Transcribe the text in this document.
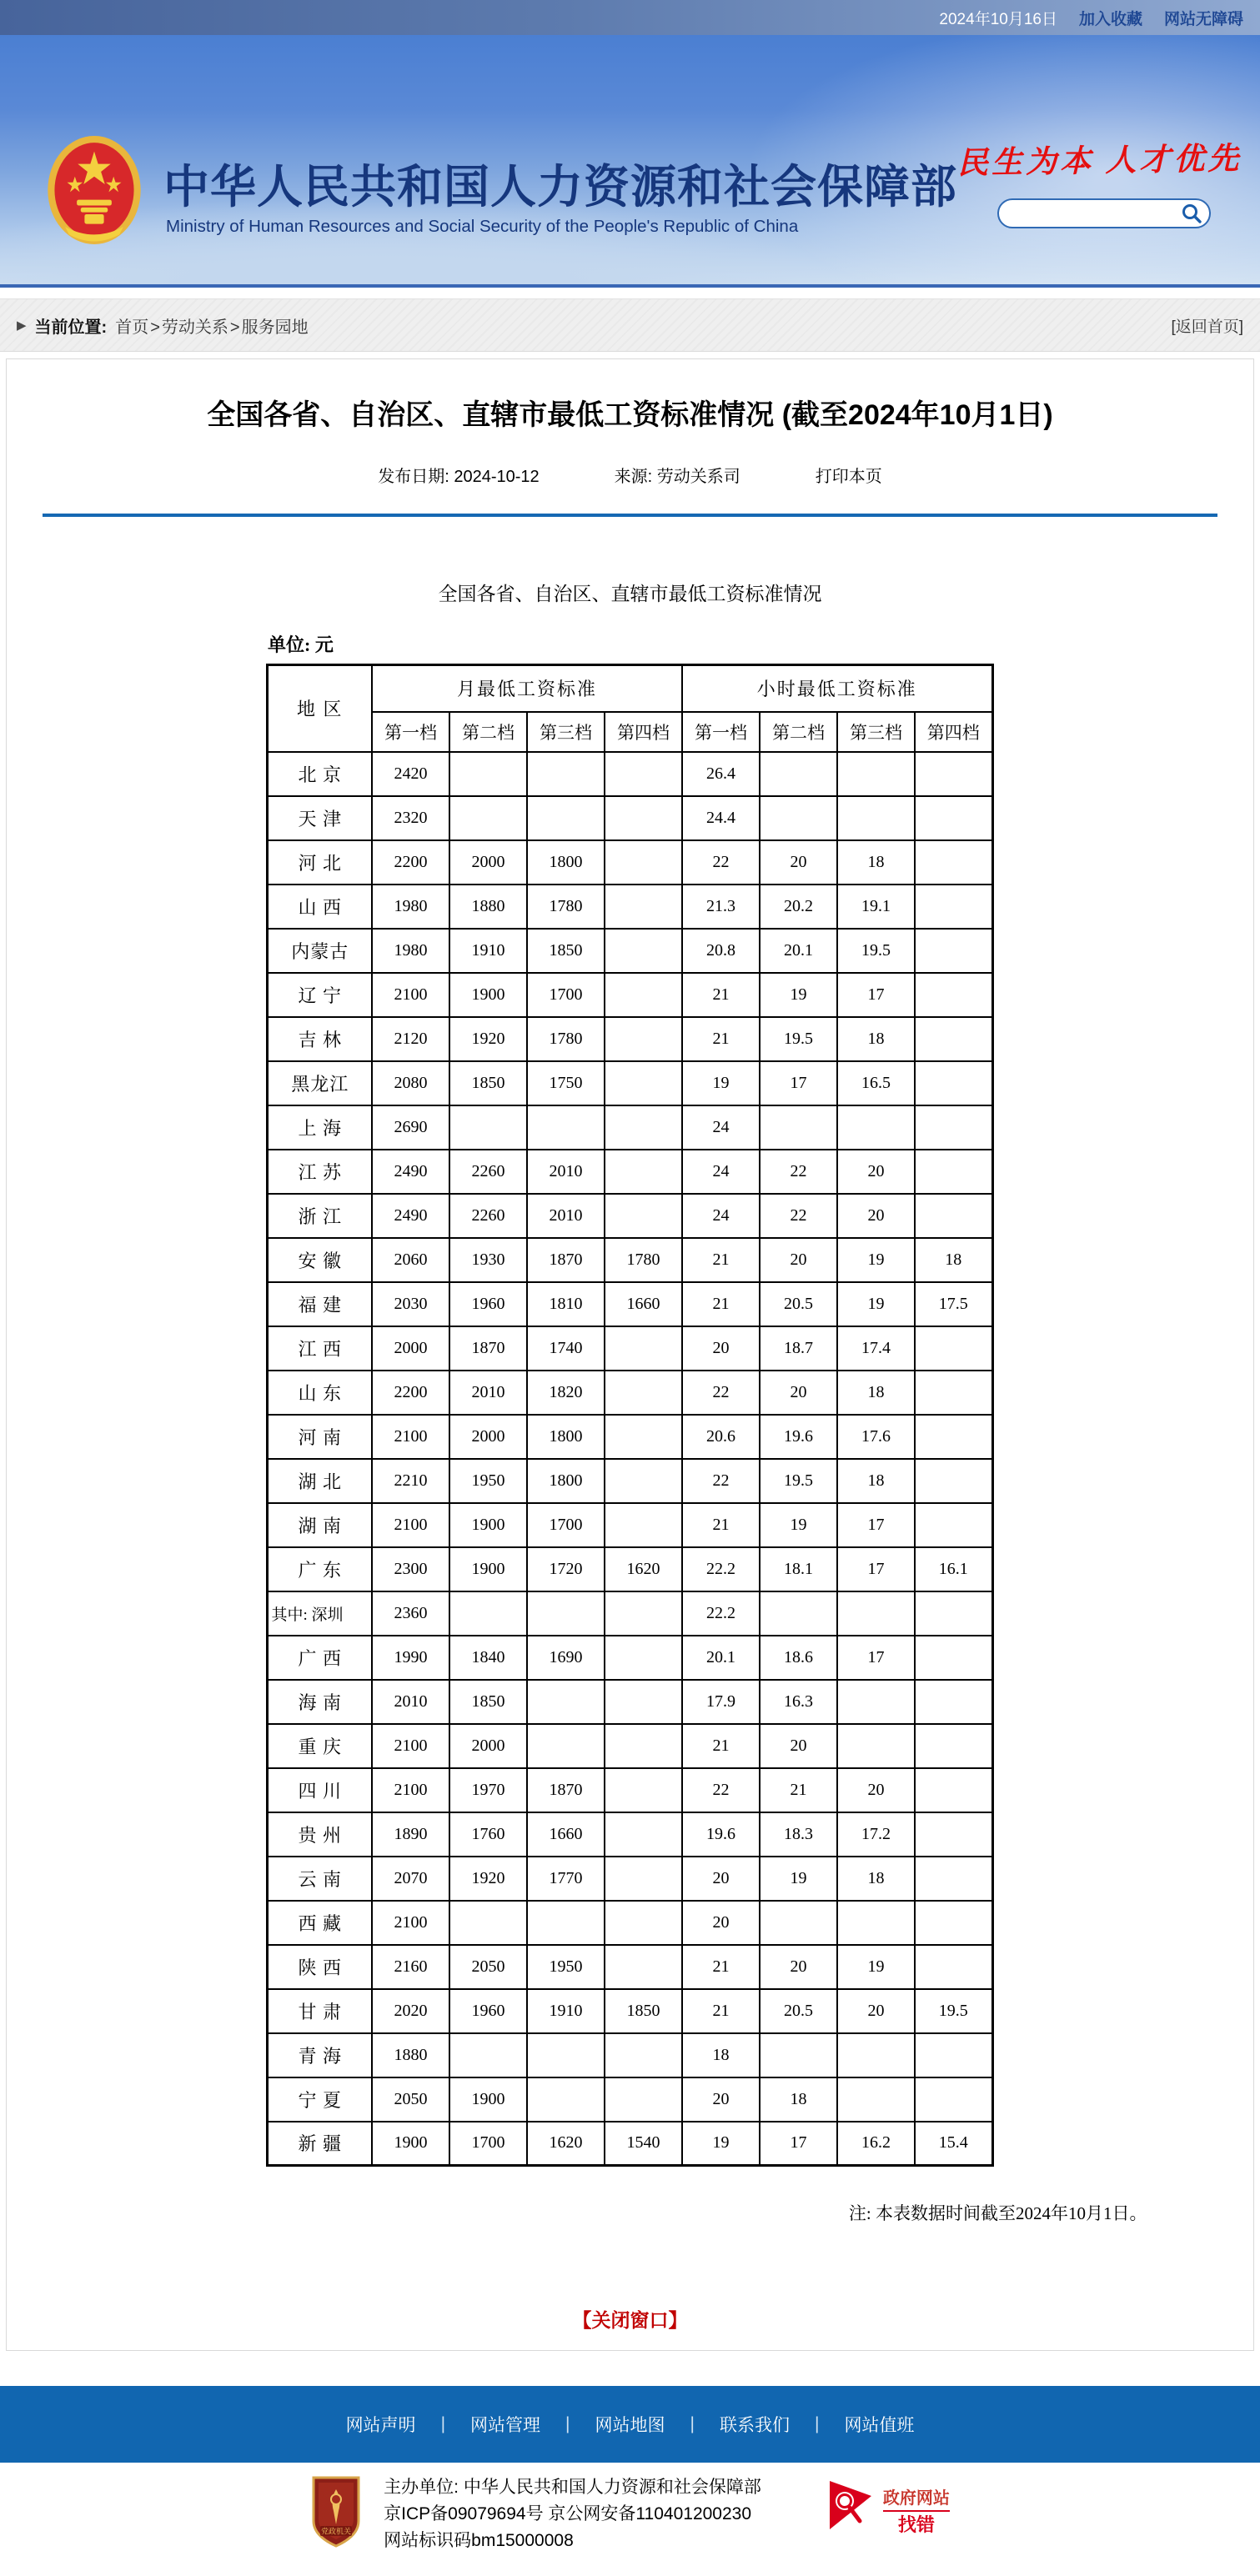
2024年10月16日 加入收藏 网站无障碍
中华人民共和国人力资源和社会保障部
Ministry of Human Resources and Social Security of the People's Republic of China
民生为本 人才优先
▶ 当前位置: 首页 > 劳动关系 > 服务园地	[返回首页]
全国各省、自治区、直辖市最低工资标准情况 (截至2024年10月1日)
发布日期: 2024-10-12	来源: 劳动关系司	打印本页
全国各省、自治区、直辖市最低工资标准情况
单位: 元
地 区	月最低工资标准				小时最低工资标准			
	第一档	第二档	第三档	第四档	第一档	第二档	第三档	第四档
北 京	2420				26.4			
天 津	2320				24.4			
河 北	2200	2000	1800		22	20	18	
山 西	1980	1880	1780		21.3	20.2	19.1	
内蒙古	1980	1910	1850		20.8	20.1	19.5	
辽 宁	2100	1900	1700		21	19	17	
吉 林	2120	1920	1780		21	19.5	18	
黑龙江	2080	1850	1750		19	17	16.5	
上 海	2690				24			
江 苏	2490	2260	2010		24	22	20	
浙 江	2490	2260	2010		24	22	20	
安 徽	2060	1930	1870	1780	21	20	19	18
福 建	2030	1960	1810	1660	21	20.5	19	17.5
江 西	2000	1870	1740		20	18.7	17.4	
山 东	2200	2010	1820		22	20	18	
河 南	2100	2000	1800		20.6	19.6	17.6	
湖 北	2210	1950	1800		22	19.5	18	
湖 南	2100	1900	1700		21	19	17	
广 东	2300	1900	1720	1620	22.2	18.1	17	16.1
其中: 深圳	2360				22.2			
广 西	1990	1840	1690		20.1	18.6	17	
海 南	2010	1850			17.9	16.3		
重 庆	2100	2000			21	20		
四 川	2100	1970	1870		22	21	20	
贵 州	1890	1760	1660		19.6	18.3	17.2	
云 南	2070	1920	1770		20	19	18	
西 藏	2100				20			
陕 西	2160	2050	1950		21	20	19	
甘 肃	2020	1960	1910	1850	21	20.5	20	19.5
青 海	1880				18			
宁 夏	2050	1900			20	18		
新 疆	1900	1700	1620	1540	19	17	16.2	15.4
注: 本表数据时间截至2024年10月1日。
【关闭窗口】
网站声明	|	网站管理	|	网站地图	|	联系我们	|	网站值班
党政机关
主办单位: 中华人民共和国人力资源和社会保障部
京ICP备09079694号 京公网安备110401200230
网站标识码bm15000008
政府网站
找错
